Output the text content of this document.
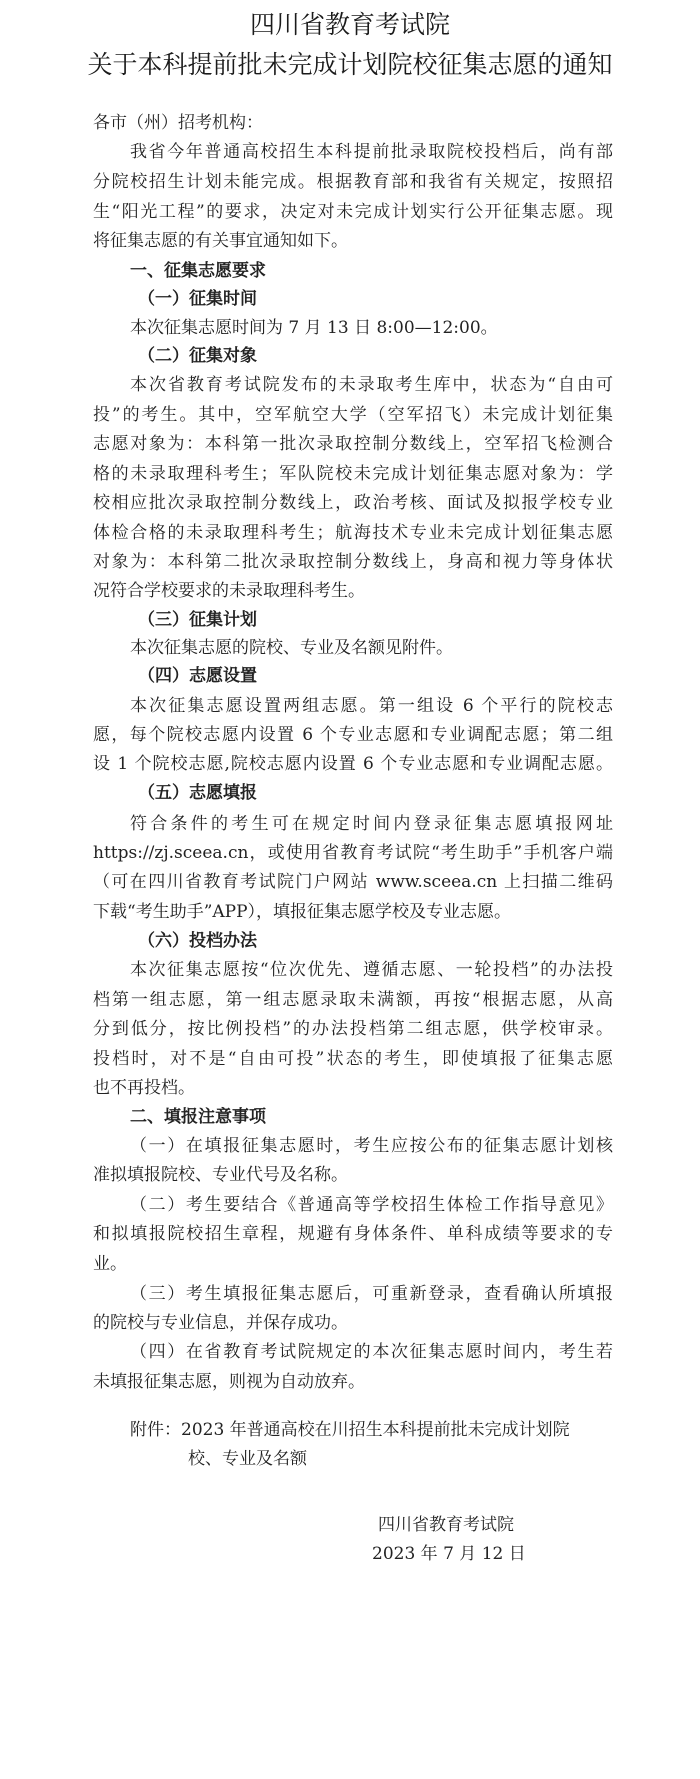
四川省教育考试院
关于本科提前批未完成计划院校征集志愿的通知
各市（州）招考机构：
我省今年普通高校招生本科提前批录取院校投档后，尚有部
分院校招生计划未能完成。根据教育部和我省有关规定，按照招
生“阳光工程”的要求，决定对未完成计划实行公开征集志愿。现
将征集志愿的有关事宜通知如下。
一、征集志愿要求
（一）征集时间
本次征集志愿时间为 7 月 13 日 8:00—12:00。
（二）征集对象
本次省教育考试院发布的未录取考生库中，状态为“自由可
投”的考生。其中，空军航空大学（空军招飞）未完成计划征集
志愿对象为：本科第一批次录取控制分数线上，空军招飞检测合
格的未录取理科考生；军队院校未完成计划征集志愿对象为：学
校相应批次录取控制分数线上，政治考核、面试及拟报学校专业
体检合格的未录取理科考生；航海技术专业未完成计划征集志愿
对象为：本科第二批次录取控制分数线上，身高和视力等身体状
况符合学校要求的未录取理科考生。
（三）征集计划
本次征集志愿的院校、专业及名额见附件。
（四）志愿设置
本次征集志愿设置两组志愿。第一组设 6 个平行的院校志
愿，每个院校志愿内设置 6 个专业志愿和专业调配志愿；第二组
设 1 个院校志愿,院校志愿内设置 6 个专业志愿和专业调配志愿。
（五）志愿填报
符合条件的考生可在规定时间内登录征集志愿填报网址
https://zj.sceea.cn，或使用省教育考试院“考生助手”手机客户端
（可在四川省教育考试院门户网站 www.sceea.cn 上扫描二维码
下载“考生助手”APP），填报征集志愿学校及专业志愿。
（六）投档办法
本次征集志愿按“位次优先、遵循志愿、一轮投档”的办法投
档第一组志愿，第一组志愿录取未满额，再按“根据志愿，从高
分到低分，按比例投档”的办法投档第二组志愿，供学校审录。
投档时，对不是“自由可投”状态的考生，即使填报了征集志愿
也不再投档。
二、填报注意事项
（一）在填报征集志愿时，考生应按公布的征集志愿计划核
准拟填报院校、专业代号及名称。
（二）考生要结合《普通高等学校招生体检工作指导意见》
和拟填报院校招生章程，规避有身体条件、单科成绩等要求的专
业。
（三）考生填报征集志愿后，可重新登录，查看确认所填报
的院校与专业信息，并保存成功。
（四）在省教育考试院规定的本次征集志愿时间内，考生若
未填报征集志愿，则视为自动放弃。
附件：2023 年普通高校在川招生本科提前批未完成计划院
校、专业及名额
四川省教育考试院
2023 年 7 月 12 日
